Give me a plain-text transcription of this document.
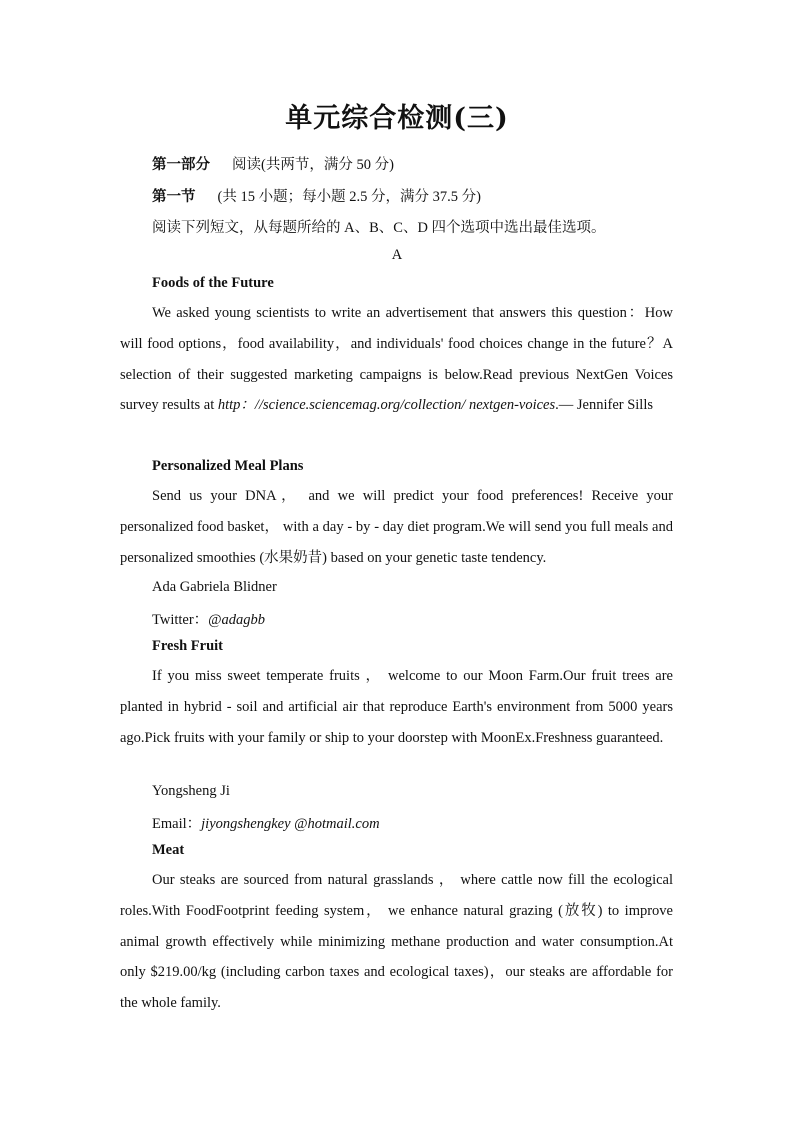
单元综合检测(三)
第一部分 阅读(共两节，满分 50 分)
第一节 (共 15 小题；每小题 2.5 分，满分 37.5 分)
阅读下列短文，从每题所给的 A、B、C、D 四个选项中选出最佳选项。
A
Foods of the Future
We asked young scientists to write an advertisement that answers this question：How will food options，food availability，and individuals' food choices change in the future？A selection of their suggested marketing campaigns is below.Read previous NextGen Voices survey results at http：//science.sciencemag.org/collection/ nextgen-voices.— Jennifer Sills
Personalized Meal Plans
Send us your DNA， and we will predict your food preferences! Receive your personalized food basket， with a day - by - day diet program.We will send you full meals and personalized smoothies (水果奶昔) based on your genetic taste tendency.
Ada Gabriela Blidner
Twitter：@adagbb
Fresh Fruit
If you miss sweet temperate fruits ， welcome to our Moon Farm.Our fruit trees are planted in hybrid - soil and artificial air that reproduce Earth's environment from 5000 years ago.Pick fruits with your family or ship to your doorstep with MoonEx.Freshness guaranteed.
Yongsheng Ji
Email：jiyongshengkey @hotmail.com
Meat
Our steaks are sourced from natural grasslands ， where cattle now fill the ecological roles.With FoodFootprint feeding system， we enhance natural grazing (放牧) to improve animal growth effectively while minimizing methane production and water consumption.At only $219.00/kg (including carbon taxes and ecological taxes)，our steaks are affordable for the whole family.
